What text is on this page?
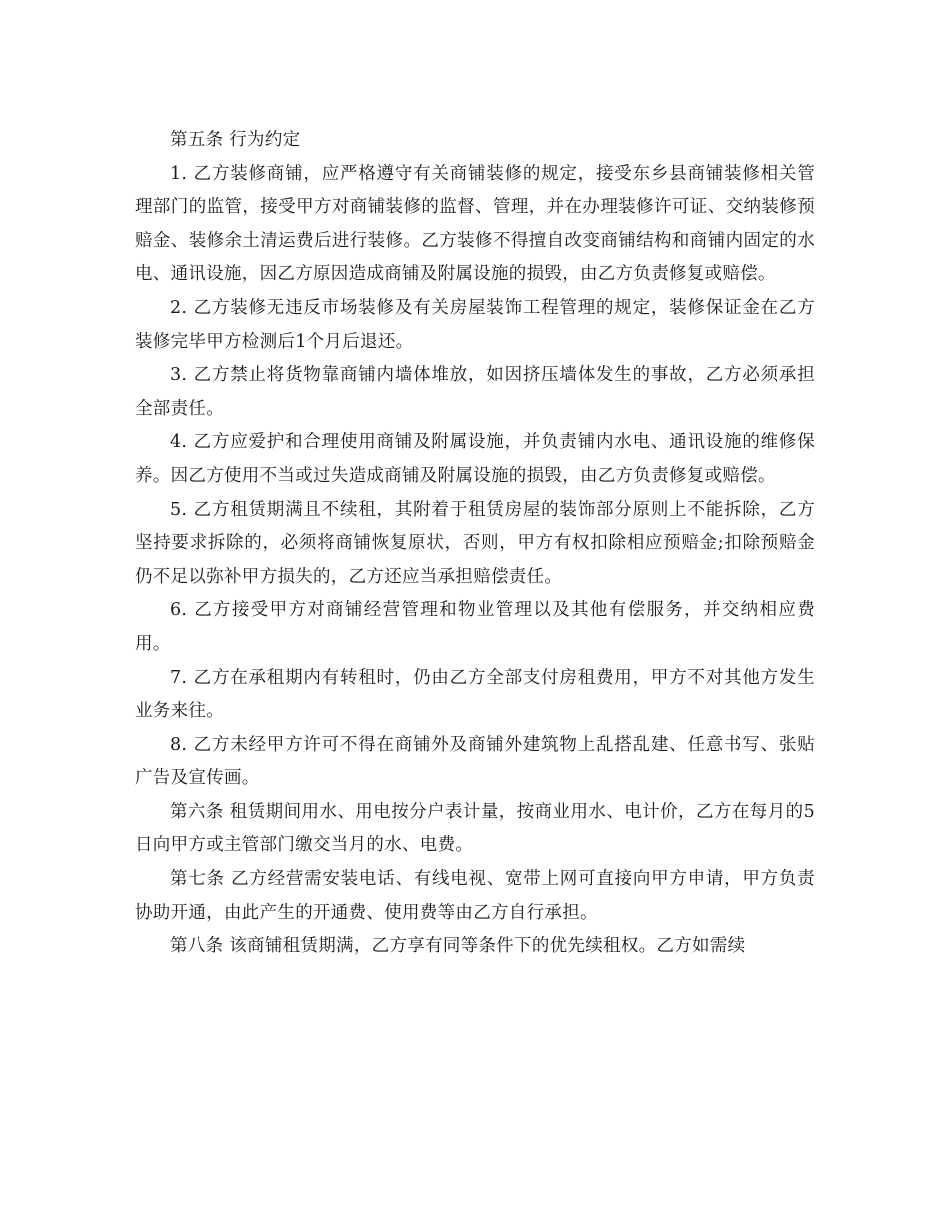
第五条 行为约定

1. 乙方装修商铺，应严格遵守有关商铺装修的规定，接受东乡县商铺装修相关管理部门的监管，接受甲方对商铺装修的监督、管理，并在办理装修许可证、交纳装修预赔金、装修余土清运费后进行装修。乙方装修不得擅自改变商铺结构和商铺内固定的水电、通讯设施，因乙方原因造成商铺及附属设施的损毁，由乙方负责修复或赔偿。

2. 乙方装修无违反市场装修及有关房屋装饰工程管理的规定，装修保证金在乙方装修完毕甲方检测后1个月后退还。

3. 乙方禁止将货物靠商铺内墙体堆放，如因挤压墙体发生的事故，乙方必须承担全部责任。

4. 乙方应爱护和合理使用商铺及附属设施，并负责铺内水电、通讯设施的维修保养。因乙方使用不当或过失造成商铺及附属设施的损毁，由乙方负责修复或赔偿。

5. 乙方租赁期满且不续租，其附着于租赁房屋的装饰部分原则上不能拆除，乙方坚持要求拆除的，必须将商铺恢复原状，否则，甲方有权扣除相应预赔金;扣除预赔金仍不足以弥补甲方损失的，乙方还应当承担赔偿责任。

6. 乙方接受甲方对商铺经营管理和物业管理以及其他有偿服务，并交纳相应费用。

7. 乙方在承租期内有转租时，仍由乙方全部支付房租费用，甲方不对其他方发生业务来往。

8. 乙方未经甲方许可不得在商铺外及商铺外建筑物上乱搭乱建、任意书写、张贴广告及宣传画。

第六条 租赁期间用水、用电按分户表计量，按商业用水、电计价，乙方在每月的5日向甲方或主管部门缴交当月的水、电费。

第七条 乙方经营需安装电话、有线电视、宽带上网可直接向甲方申请，甲方负责协助开通，由此产生的开通费、使用费等由乙方自行承担。

第八条 该商铺租赁期满，乙方享有同等条件下的优先续租权。乙方如需续
